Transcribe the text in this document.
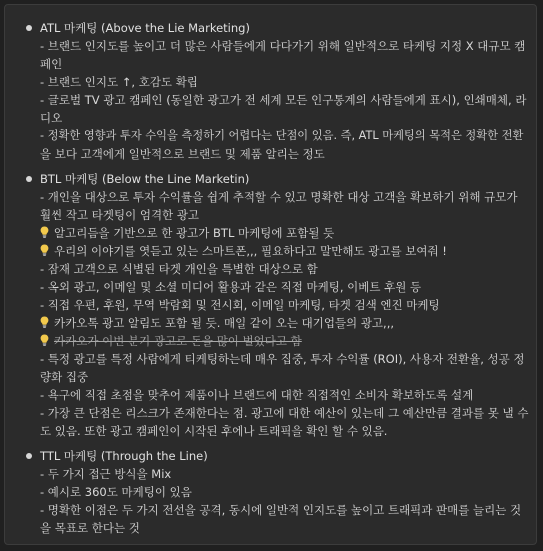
ATL 마케팅 (Above the Lie Marketing)
- 브랜드 인지도를 높이고 더 많은 사람들에게 다다가기 위해 일반적으로 타케팅 지정 X 대규모 캠
페인
- 브랜드 인지도 ↑, 호감도 확립
- 글로벌 TV 광고 캠페인 (동일한 광고가 전 세계 모든 인구통계의 사람들에게 표시), 인쇄매체, 라
디오
- 정확한 영향과 투자 수익을 측정하기 어렵다는 단점이 있음. 즉, ATL 마케팅의 목적은 정확한 전환
을 보다 고객에게 일반적으로 브랜드 및 제품 알리는 정도
BTL 마케팅 (Below the Line Marketin)
- 개인을 대상으로 투자 수익률을 쉽게 추적할 수 있고 명확한 대상 고객을 확보하기 위해 규모가
훨씬 작고 타겟팅이 엄격한 광고
알고리듬을 기반으로 한 광고가 BTL 마케팅에 포함될 듯
우리의 이야기를 엿듣고 있는 스마트폰,,, 필요하다고 말만해도 광고를 보여줘 !
- 잠재 고객으로 식별된 타겟 개인을 특별한 대상으로 함
- 옥외 광고, 이메일 및 소셜 미디어 활용과 같은 직접 마케팅, 이베트 후원 등
- 직접 우편, 후원, 무역 박람회 및 전시회, 이메일 마케팅, 타겟 검색 엔진 마케팅
카카오톡 광고 알림도 포함 될 듯. 매일 같이 오는 대기업들의 광고,,,
카카오가 이번 분기 광고로 돈을 많이 벌었다고 함
- 특정 광고를 특정 사람에게 티케팅하는데 매우 집중, 투자 수익률 (ROI), 사용자 전환율, 성공 정
량화 집중
- 욕구에 직접 초점을 맞추어 제품이나 브랜드에 대한 직접적인 소비자 확보하도록 설계
- 가장 큰 단점은 리스크가 존재한다는 점. 광고에 대한 예산이 있는데 그 예산만큼 결과를 못 낼 수
도 있음. 또한 광고 캠페인이 시작된 후에나 트래픽을 확인 할 수 있음.
TTL 마케팅 (Through the Line)
- 두 가지 접근 방식을 Mix
- 예시로 360도 마케팅이 있음
- 명확한 이점은 두 가지 전선을 공격, 동시에 일반적 인지도를 높이고 트래픽과 판매를 늘리는 것
을 목표로 한다는 것
